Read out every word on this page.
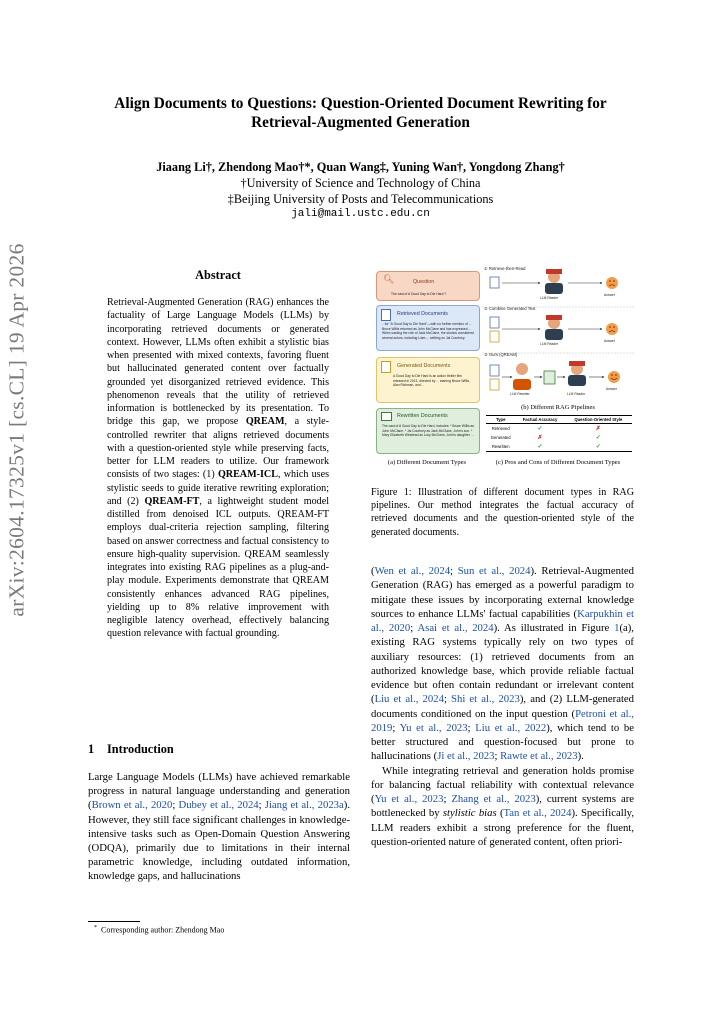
arXiv:2604.17325v1 [cs.CL] 19 Apr 2026
Align Documents to Questions: Question-Oriented Document Rewriting for
Retrieval-Augmented Generation
Jiaang Li†, Zhendong Mao†*, Quan Wang‡, Yuning Wan†, Yongdong Zhang†
†University of Science and Technology of China
‡Beijing University of Posts and Telecommunications
jali@mail.ustc.edu.cn
Abstract
Retrieval-Augmented Generation (RAG) enhances the factuality of Large Language Models (LLMs) by incorporating retrieved documents or generated context. However, LLMs often exhibit a stylistic bias when presented with mixed contexts, favoring fluent but hallucinated generated content over factually grounded yet disorganized retrieved evidence. This phenomenon reveals that the utility of retrieved information is bottlenecked by its presentation. To bridge this gap, we propose QREAM, a style-controlled rewriter that aligns retrieved documents with a question-oriented style while preserving facts, better for LLM readers to utilize. Our framework consists of two stages: (1) QREAM-ICL, which uses stylistic seeds to guide iterative rewriting exploration; and (2) QREAM-FT, a lightweight student model distilled from denoised ICL outputs. QREAM-FT employs dual-criteria rejection sampling, filtering based on answer correctness and factual consistency to ensure high-quality supervision. QREAM seamlessly integrates into existing RAG pipelines as a plug-and-play module. Experiments demonstrate that QREAM consistently enhances advanced RAG pipelines, yielding up to 8% relative improvement with negligible latency overhead, effectively balancing question relevance with factual grounding.
1 Introduction
Large Language Models (LLMs) have achieved remarkable progress in natural language understanding and generation (Brown et al., 2020; Dubey et al., 2024; Jiang et al., 2023a). However, they still face significant challenges in knowledge-intensive tasks such as Open-Domain Question Answering (ODQA), primarily due to limitations in their internal parametric knowledge, including outdated information, knowledge gaps, and hallucinations
* Corresponding author: Zhendong Mao
🔍︎	Question
The cast of A Good Day to Die Hard ?
Retrieved Documents
...for "A Good Day to Die Hard"—with no further mention of ... Bruce Willis returned as John McClane and has expressed ... When casting the role of Jack McClane, the studios considered several actors, including Liam ... settling on Jai Courtney.
Generated Documents
A Good Day to Die Hard is an action thriller film released in 2013, directed by ... starring Bruce Willis, Alan Rickman, and...
Rewritten Documents
The cast of A Good Day to Die Hard, includes: * Bruce Willis as John McClane. * Jai Courtney as Jack McClane, John's son. * Mary Elizabeth Winstead as Lucy McClane, John's daughter ...
(a) Different Document Types
① Retrieve-then-Read
② Combine Generated Text
③ Ours (QREAM)
LLM Reader
LLM Reader
LLM Rewriter	LLM Reader
Answer
Answer
Answer
(b) Different RAG Pipelines
Type	Factual Accuracy	Question-Oriented Style
Retrieved	✓	✗
Generated	✗	✓
Rewritten	✓	✓
(c) Pros and Cons of Different Document Types
Figure 1: Illustration of different document types in RAG pipelines. Our method integrates the factual accuracy of retrieved documents and the question-oriented style of the generated documents.

(Wen et al., 2024; Sun et al., 2024). Retrieval-Augmented Generation (RAG) has emerged as a powerful paradigm to mitigate these issues by incorporating external knowledge sources to enhance LLMs' factual capabilities (Karpukhin et al., 2020; Asai et al., 2024). As illustrated in Figure 1(a), existing RAG systems typically rely on two types of auxiliary resources: (1) retrieved documents from an authorized knowledge base, which provide reliable factual evidence but often contain redundant or irrelevant content (Liu et al., 2024; Shi et al., 2023), and (2) LLM-generated documents conditioned on the input question (Petroni et al., 2019; Yu et al., 2023; Liu et al., 2022), which tend to be better structured and question-focused but prone to hallucinations (Ji et al., 2023; Rawte et al., 2023).

While integrating retrieval and generation holds promise for balancing factual reliability with contextual relevance (Yu et al., 2023; Zhang et al., 2023), current systems are bottlenecked by stylistic bias (Tan et al., 2024). Specifically, LLM readers exhibit a strong preference for the fluent, question-oriented nature of generated content, often priori-
